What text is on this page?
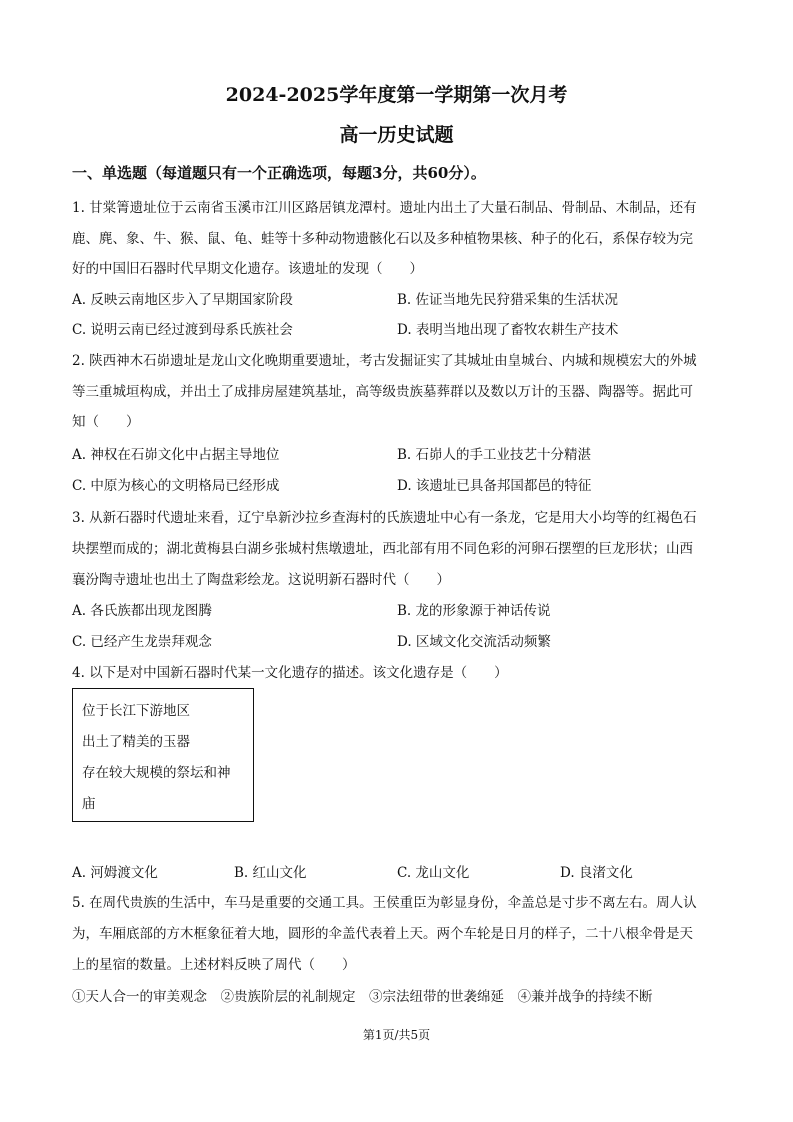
2024-2025学年度第一学期第一次月考
高一历史试题
一、单选题（每道题只有一个正确选项，每题3分，共60分）。
1. 甘棠箐遗址位于云南省玉溪市江川区路居镇龙潭村。遗址内出土了大量石制品、骨制品、木制品，还有
鹿、麂、象、牛、猴、鼠、龟、蛙等十多种动物遗骸化石以及多种植物果核、种子的化石，系保存较为完
好的中国旧石器时代早期文化遗存。该遗址的发现（　　）
A. 反映云南地区步入了早期国家阶段	B. 佐证当地先民狩猎采集的生活状况
C. 说明云南已经过渡到母系氏族社会	D. 表明当地出现了畜牧农耕生产技术
2. 陕西神木石峁遗址是龙山文化晚期重要遗址，考古发掘证实了其城址由皇城台、内城和规模宏大的外城
等三重城垣构成，并出土了成排房屋建筑基址，高等级贵族墓葬群以及数以万计的玉器、陶器等。据此可
知（　　）
A. 神权在石峁文化中占据主导地位	B. 石峁人的手工业技艺十分精湛
C. 中原为核心的文明格局已经形成	D. 该遗址已具备邦国都邑的特征
3. 从新石器时代遗址来看，辽宁阜新沙拉乡查海村的氏族遗址中心有一条龙，它是用大小均等的红褐色石
块摆塑而成的；湖北黄梅县白湖乡张城村焦墩遗址，西北部有用不同色彩的河卵石摆塑的巨龙形状；山西
襄汾陶寺遗址也出土了陶盘彩绘龙。这说明新石器时代（　　）
A. 各氏族都出现龙图腾	B. 龙的形象源于神话传说
C. 已经产生龙崇拜观念	D. 区域文化交流活动频繁
4. 以下是对中国新石器时代某一文化遗存的描述。该文化遗存是（　　）
位于长江下游地区
出土了精美的玉器
存在较大规模的祭坛和神
庙
A. 河姆渡文化	B. 红山文化	C. 龙山文化	D. 良渚文化
5. 在周代贵族的生活中，车马是重要的交通工具。王侯重臣为彰显身份，伞盖总是寸步不离左右。周人认
为，车厢底部的方木框象征着大地，圆形的伞盖代表着上天。两个车轮是日月的样子，二十八根伞骨是天
上的星宿的数量。上述材料反映了周代（　　）
①天人合一的审美观念　②贵族阶层的礼制规定　③宗法纽带的世袭绵延　④兼并战争的持续不断
第1页/共5页
